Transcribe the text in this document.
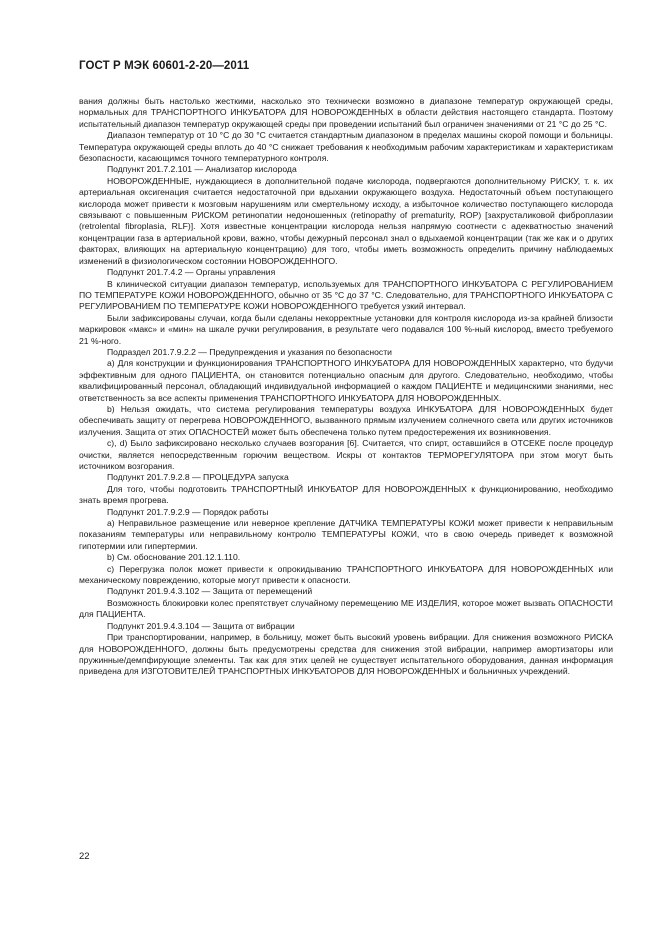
ГОСТ Р МЭК 60601-2-20—2011

вания должны быть настолько жесткими, насколько это технически возможно в диапазоне температур окружающей среды, нормальных для ТРАНСПОРТНОГО ИНКУБАТОРА ДЛЯ НОВОРОЖДЕННЫХ в области действия настоящего стандарта. Поэтому испытательный диапазон температур окружающей среды при проведении испытаний был ограничен значениями от 21 °С до 25 °С.

Диапазон температур от 10 °С до 30 °С считается стандартным диапазоном в пределах машины скорой помощи и больницы. Температура окружающей среды вплоть до 40 °С снижает требования к необходимым рабочим характеристикам и характеристикам безопасности, касающимся точного температурного контроля.

Подпункт 201.7.2.101 — Анализатор кислорода

НОВОРОЖДЕННЫЕ, нуждающиеся в дополнительной подаче кислорода, подвергаются дополнительному РИСКУ, т. к. их артериальная оксигенация считается недостаточной при вдыхании окружающего воздуха. Недостаточный объем поступающего кислорода может привести к мозговым нарушениям или смертельному исходу, а избыточное количество поступающего кислорода связывают с повышенным РИСКОМ ретинопатии недоношенных (retinopathy of prematurity, ROP) [захрусталиковой фиброплазии (retrolental fibroplasia, RLF)]. Хотя известные концентрации кислорода нельзя напрямую соотнести с адекватностью значений концентрации газа в артериальной крови, важно, чтобы дежурный персонал знал о вдыхаемой концентрации (так же как и о других факторах, влияющих на артериальную концентрацию) для того, чтобы иметь возможность определить причину наблюдаемых изменений в физиологическом состоянии НОВОРОЖДЕННОГО.

Подпункт 201.7.4.2 — Органы управления

В клинической ситуации диапазон температур, используемых для ТРАНСПОРТНОГО ИНКУБАТОРА С РЕГУЛИРОВАНИЕМ ПО ТЕМПЕРАТУРЕ КОЖИ НОВОРОЖДЕННОГО, обычно от 35 °С до 37 °С. Следовательно, для ТРАНСПОРТНОГО ИНКУБАТОРА С РЕГУЛИРОВАНИЕМ ПО ТЕМПЕРАТУРЕ КОЖИ НОВОРОЖДЕННОГО требуется узкий интервал.

Были зафиксированы случаи, когда были сделаны некорректные установки для контроля кислорода из-за крайней близости маркировок «макс» и «мин» на шкале ручки регулирования, в результате чего подавался 100 %-ный кислород, вместо требуемого 21 %-ного.

Подраздел 201.7.9.2.2 — Предупреждения и указания по безопасности

а) Для конструкции и функционирования ТРАНСПОРТНОГО ИНКУБАТОРА ДЛЯ НОВОРОЖДЕННЫХ характерно, что будучи эффективным для одного ПАЦИЕНТА, он становится потенциально опасным для другого. Следовательно, необходимо, чтобы квалифицированный персонал, обладающий индивидуальной информацией о каждом ПАЦИЕНТЕ и медицинскими знаниями, нес ответственность за все аспекты применения ТРАНСПОРТНОГО ИНКУБАТОРА ДЛЯ НОВОРОЖДЕННЫХ.

b) Нельзя ожидать, что система регулирования температуры воздуха ИНКУБАТОРА ДЛЯ НОВОРОЖДЕННЫХ будет обеспечивать защиту от перегрева НОВОРОЖДЕННОГО, вызванного прямым излучением солнечного света или других источников излучения. Защита от этих ОПАСНОСТЕЙ может быть обеспечена только путем предостережения их возникновения.

с), d) Было зафиксировано несколько случаев возгорания [6]. Считается, что спирт, оставшийся в ОТСЕКЕ после процедур очистки, является непосредственным горючим веществом. Искры от контактов ТЕРМОРЕГУЛЯТОРА при этом могут быть источником возгорания.

Подпункт 201.7.9.2.8 — ПРОЦЕДУРА запуска

Для того, чтобы подготовить ТРАНСПОРТНЫЙ ИНКУБАТОР ДЛЯ НОВОРОЖДЕННЫХ к функционированию, необходимо знать время прогрева.

Подпункт 201.7.9.2.9 — Порядок работы

а) Неправильное размещение или неверное крепление ДАТЧИКА ТЕМПЕРАТУРЫ КОЖИ может привести к неправильным показаниям температуры или неправильному контролю ТЕМПЕРАТУРЫ КОЖИ, что в свою очередь приведет к возможной гипотермии или гипертермии.

b) См. обоснование 201.12.1.110.

с) Перегрузка полок может привести к опрокидыванию ТРАНСПОРТНОГО ИНКУБАТОРА ДЛЯ НОВОРОЖДЕННЫХ или механическому повреждению, которые могут привести к опасности.

Подпункт 201.9.4.3.102 — Защита от перемещений

Возможность блокировки колес препятствует случайному перемещению МЕ ИЗДЕЛИЯ, которое может вызвать ОПАСНОСТИ для ПАЦИЕНТА.

Подпункт 201.9.4.3.104 — Защита от вибрации

При транспортировании, например, в больницу, может быть высокий уровень вибрации. Для снижения возможного РИСКА для НОВОРОЖДЕННОГО, должны быть предусмотрены средства для снижения этой вибрации, например амортизаторы или пружинные/демпфирующие элементы. Так как для этих целей не существует испытательного оборудования, данная информация приведена для ИЗГОТОВИТЕЛЕЙ ТРАНСПОРТНЫХ ИНКУБАТОРОВ ДЛЯ НОВОРОЖДЕННЫХ и больничных учреждений.

22
